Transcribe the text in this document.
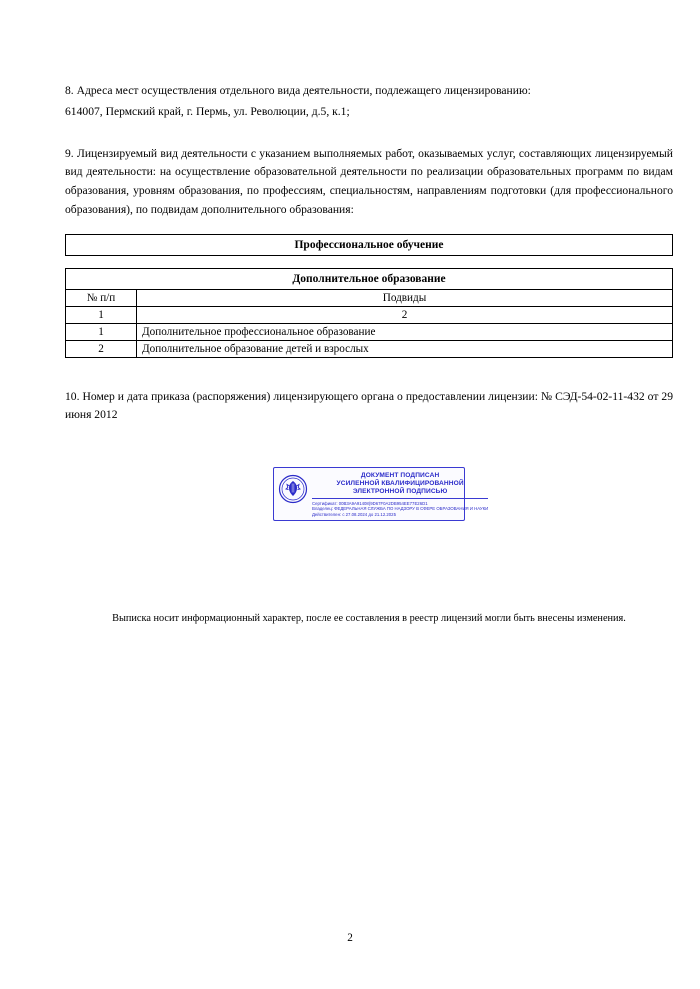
8. Адреса мест осуществления отдельного вида деятельности, подлежащего лицензированию:

614007, Пермский край, г. Пермь, ул. Революции, д.5, к.1;

9. Лицензируемый вид деятельности с указанием выполняемых работ, оказываемых услуг, составляющих лицензируемый вид деятельности: на осуществление образовательной деятельности по реализации образовательных программ по видам образования, уровням образования, по профессиям, специальностям, направлениям подготовки (для профессионального образования), по подвидам дополнительного образования:

Профессиональное обучение
Дополнительное образование	
№ п/п	Подвиды
1	2
1	Дополнительное профессиональное образование
2	Дополнительное образование детей и взрослых

10. Номер и дата приказа (распоряжения) лицензирующего органа о предоставлении лицензии: № СЭД-54-02-11-432 от 29 июня 2012

ДОКУМЕНТ ПОДПИСАН
УСИЛЕННОЙ КВАЛИФИЦИРОВАННОЙ
ЭЛЕКТРОННОЙ ПОДПИСЬЮ
Сертификат: 00B3A9A91408(9D67F0A2DB954EE77E26D1
Владелец: ФЕДЕРАЛЬНАЯ СЛУЖБА ПО НАДЗОРУ В СФЕРЕ ОБРАЗОВАНИЯ И НАУКИ
Действителен: с 27.08.2024 до 21.12.2025
Выписка носит информационный характер, после ее составления в реестр лицензий могли быть внесены изменения.
2
